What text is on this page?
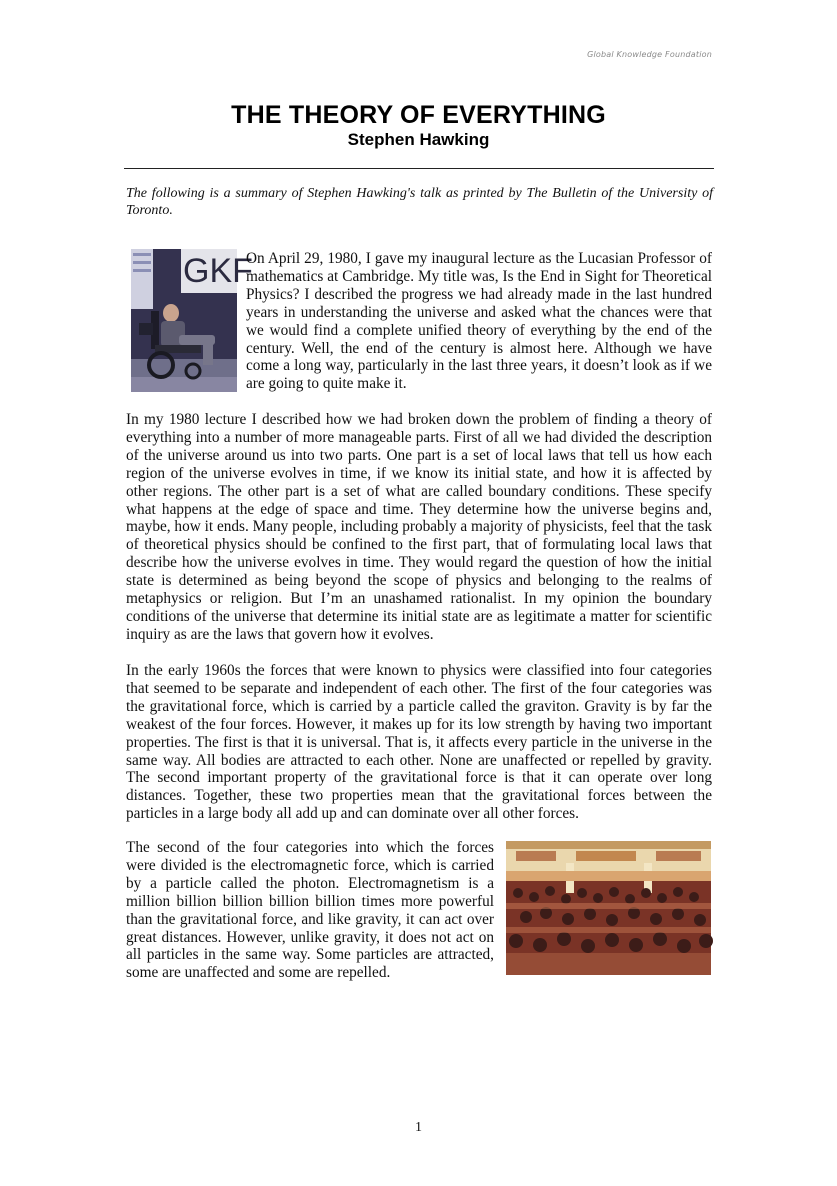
Global Knowledge Foundation
THE THEORY OF EVERYTHING
Stephen Hawking
The following is a summary of Stephen Hawking's talk as printed by The Bulletin of the University of Toronto.
GKF
On April 29, 1980, I gave my inaugural lecture as the Lucasian Professor of mathematics at Cambridge. My title was, Is the End in Sight for Theoretical Physics? I described the progress we had already made in the last hundred years in understanding the universe and asked what the chances were that we would find a complete unified theory of everything by the end of the century. Well, the end of the century is almost here. Although we have come a long way, particularly in the last three years, it doesn’t look as if we are going to quite make it.
In my 1980 lecture I described how we had broken down the problem of finding a theory of everything into a number of more manageable parts. First of all we had divided the description of the universe around us into two parts. One part is a set of local laws that tell us how each region of the universe evolves in time, if we know its initial state, and how it is affected by other regions. The other part is a set of what are called boundary conditions. These specify what happens at the edge of space and time. They determine how the universe begins and, maybe, how it ends. Many people, including probably a majority of physicists, feel that the task of theoretical physics should be confined to the first part, that of formulating local laws that describe how the universe evolves in time. They would regard the question of how the initial state is determined as being beyond the scope of physics and belonging to the realms of metaphysics or religion. But I’m an unashamed rationalist. In my opinion the boundary conditions of the universe that determine its initial state are as legitimate a matter for scientific inquiry as are the laws that govern how it evolves.
In the early 1960s the forces that were known to physics were classified into four categories that seemed to be separate and independent of each other. The first of the four categories was the gravitational force, which is carried by a particle called the graviton. Gravity is by far the weakest of the four forces. However, it makes up for its low strength by having two important properties. The first is that it is universal. That is, it affects every particle in the universe in the same way. All bodies are attracted to each other. None are unaffected or repelled by gravity. The second important property of the gravitational force is that it can operate over long distances. Together, these two properties mean that the gravitational forces between the particles in a large body all add up and can dominate over all other forces.
The second of the four categories into which the forces were divided is the electromagnetic force, which is carried by a particle called the photon. Electromagnetism is a million billion billion billion billion times more powerful than the gravitational force, and like gravity, it can act over great distances. However, unlike gravity, it does not act on all particles in the same way. Some particles are attracted, some are unaffected and some are repelled.
1
